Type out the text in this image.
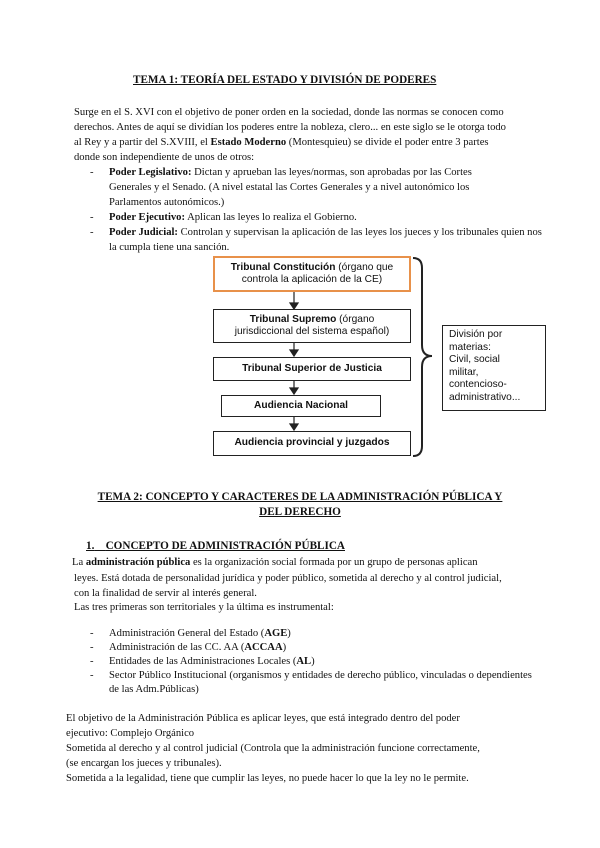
TEMA 1: TEORÍA DEL ESTADO Y DIVISIÓN DE PODERES
Surge en el S. XVI con el objetivo de poner orden en la sociedad, donde las normas se conocen como
derechos. Antes de aquí se dividían los poderes entre la nobleza, clero... en este siglo se le otorga todo
al Rey y a partir del S.XVIII, el Estado Moderno (Montesquieu) se divide el poder entre 3 partes
donde son independiente de unos de otros:
- Poder Legislativo: Dictan y aprueban las leyes/normas, son aprobadas por las Cortes
Generales y el Senado. (A nivel estatal las Cortes Generales y a nivel autonómico los
Parlamentos autonómicos.)
- Poder Ejecutivo: Aplican las leyes lo realiza el Gobierno.
- Poder Judicial: Controlan y supervisan la aplicación de las leyes los jueces y los tribunales quien nos
la cumpla tiene una sanción.
Tribunal Constitución (órgano que
controla la aplicación de la CE)
Tribunal Supremo (órgano
jurisdiccional del sistema español)
Tribunal Superior de Justicia
Audiencia Nacional
Audiencia provincial y juzgados
División por
materias:
Civil, social
militar,
contencioso-
administrativo...
TEMA 2: CONCEPTO Y CARACTERES DE LA ADMINISTRACIÓN PÚBLICA Y
DEL DERECHO
1. CONCEPTO DE ADMINISTRACIÓN PÚBLICA
La administración pública es la organización social formada por un grupo de personas aplican
leyes. Está dotada de personalidad jurídica y poder público, sometida al derecho y al control judicial,
con la finalidad de servir al interés general.
Las tres primeras son territoriales y la última es instrumental:
- Administración General del Estado (AGE)
- Administración de las CC. AA (ACCAA)
- Entidades de las Administraciones Locales (AL)
- Sector Público Institucional (organismos y entidades de derecho público, vinculadas o dependientes
de las Adm.Públicas)
El objetivo de la Administración Pública es aplicar leyes, que está integrado dentro del poder
ejecutivo: Complejo Orgánico
Sometida al derecho y al control judicial (Controla que la administración funcione correctamente,
(se encargan los jueces y tribunales).
Sometida a la legalidad, tiene que cumplir las leyes, no puede hacer lo que la ley no le permite.
